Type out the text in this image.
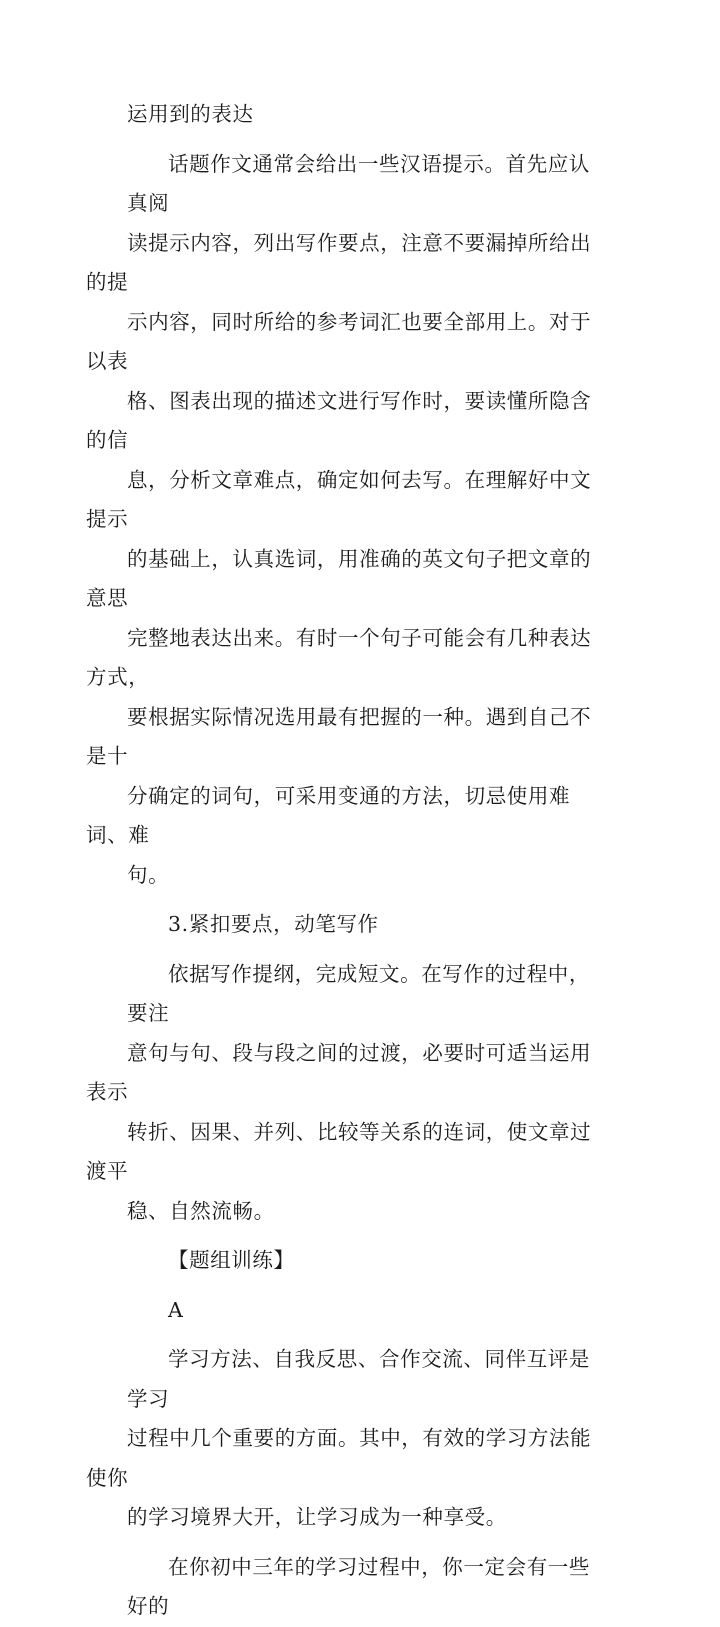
运用到的表达

话题作文通常会给出一些汉语提示。首先应认真阅
读提示内容，列出写作要点，注意不要漏掉所给出的提
示内容，同时所给的参考词汇也要全部用上。对于以表
格、图表出现的描述文进行写作时，要读懂所隐含的信
息，分析文章难点，确定如何去写。在理解好中文提示
的基础上，认真选词，用准确的英文句子把文章的意思
完整地表达出来。有时一个句子可能会有几种表达方式，
要根据实际情况选用最有把握的一种。遇到自己不是十
分确定的词句，可采用变通的方法，切忌使用难词、难
句。

3.紧扣要点，动笔写作

依据写作提纲，完成短文。在写作的过程中，要注
意句与句、段与段之间的过渡，必要时可适当运用表示
转折、因果、并列、比较等关系的连词，使文章过渡平
稳、自然流畅。

【题组训练】

A

学习方法、自我反思、合作交流、同伴互评是学习
过程中几个重要的方面。其中，有效的学习方法能使你
的学习境界大开，让学习成为一种享受。

在你初中三年的学习过程中，你一定会有一些好的
